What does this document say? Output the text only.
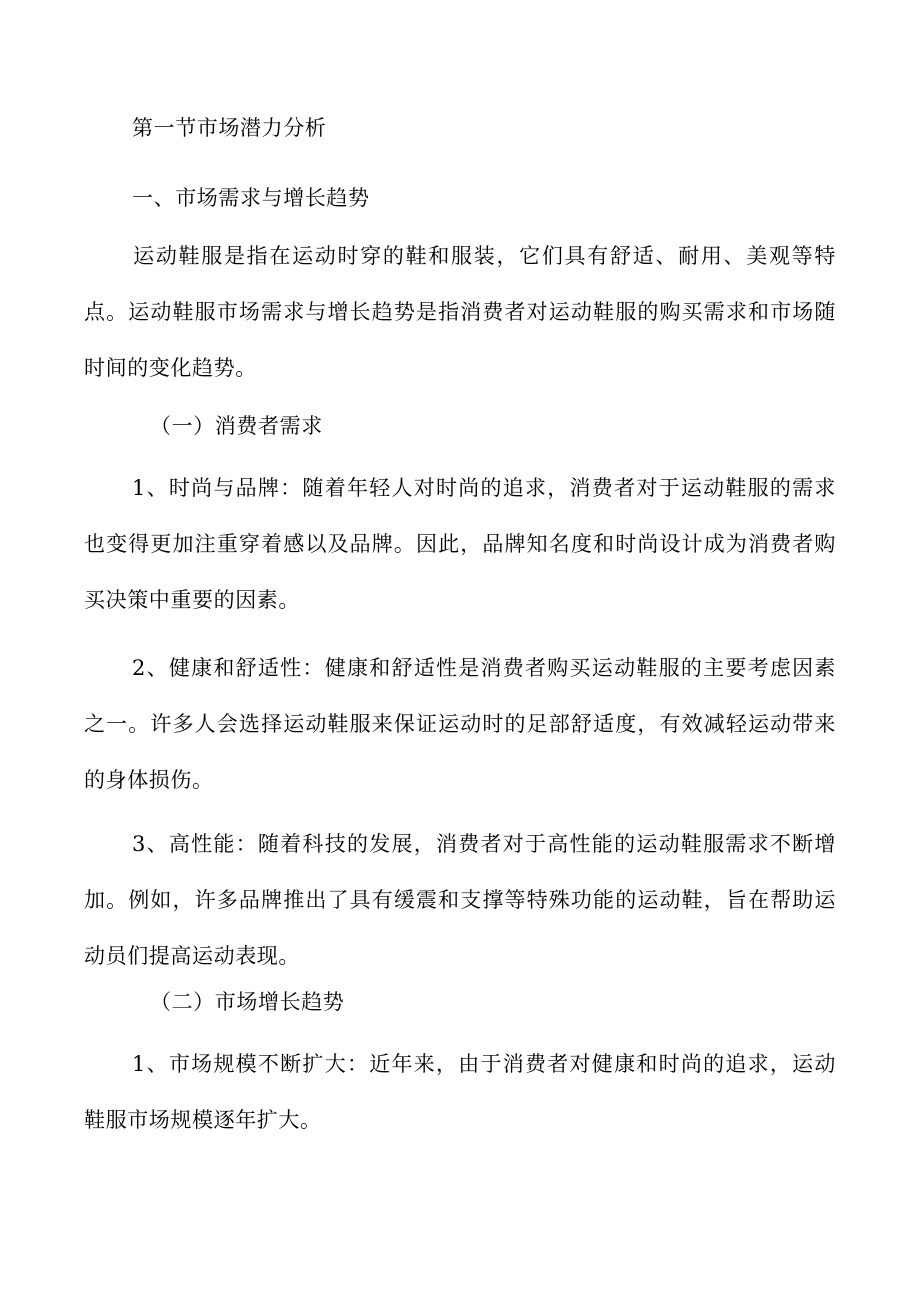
第一节市场潜力分析
一、市场需求与增长趋势
运动鞋服是指在运动时穿的鞋和服装，它们具有舒适、耐用、美观等特点。运动鞋服市场需求与增长趋势是指消费者对运动鞋服的购买需求和市场随时间的变化趋势。
（一）消费者需求
1、时尚与品牌：随着年轻人对时尚的追求，消费者对于运动鞋服的需求也变得更加注重穿着感以及品牌。因此，品牌知名度和时尚设计成为消费者购买决策中重要的因素。
2、健康和舒适性：健康和舒适性是消费者购买运动鞋服的主要考虑因素之一。许多人会选择运动鞋服来保证运动时的足部舒适度，有效减轻运动带来的身体损伤。
3、高性能：随着科技的发展，消费者对于高性能的运动鞋服需求不断增加。例如，许多品牌推出了具有缓震和支撑等特殊功能的运动鞋，旨在帮助运动员们提高运动表现。
（二）市场增长趋势
1、市场规模不断扩大：近年来，由于消费者对健康和时尚的追求，运动鞋服市场规模逐年扩大。
